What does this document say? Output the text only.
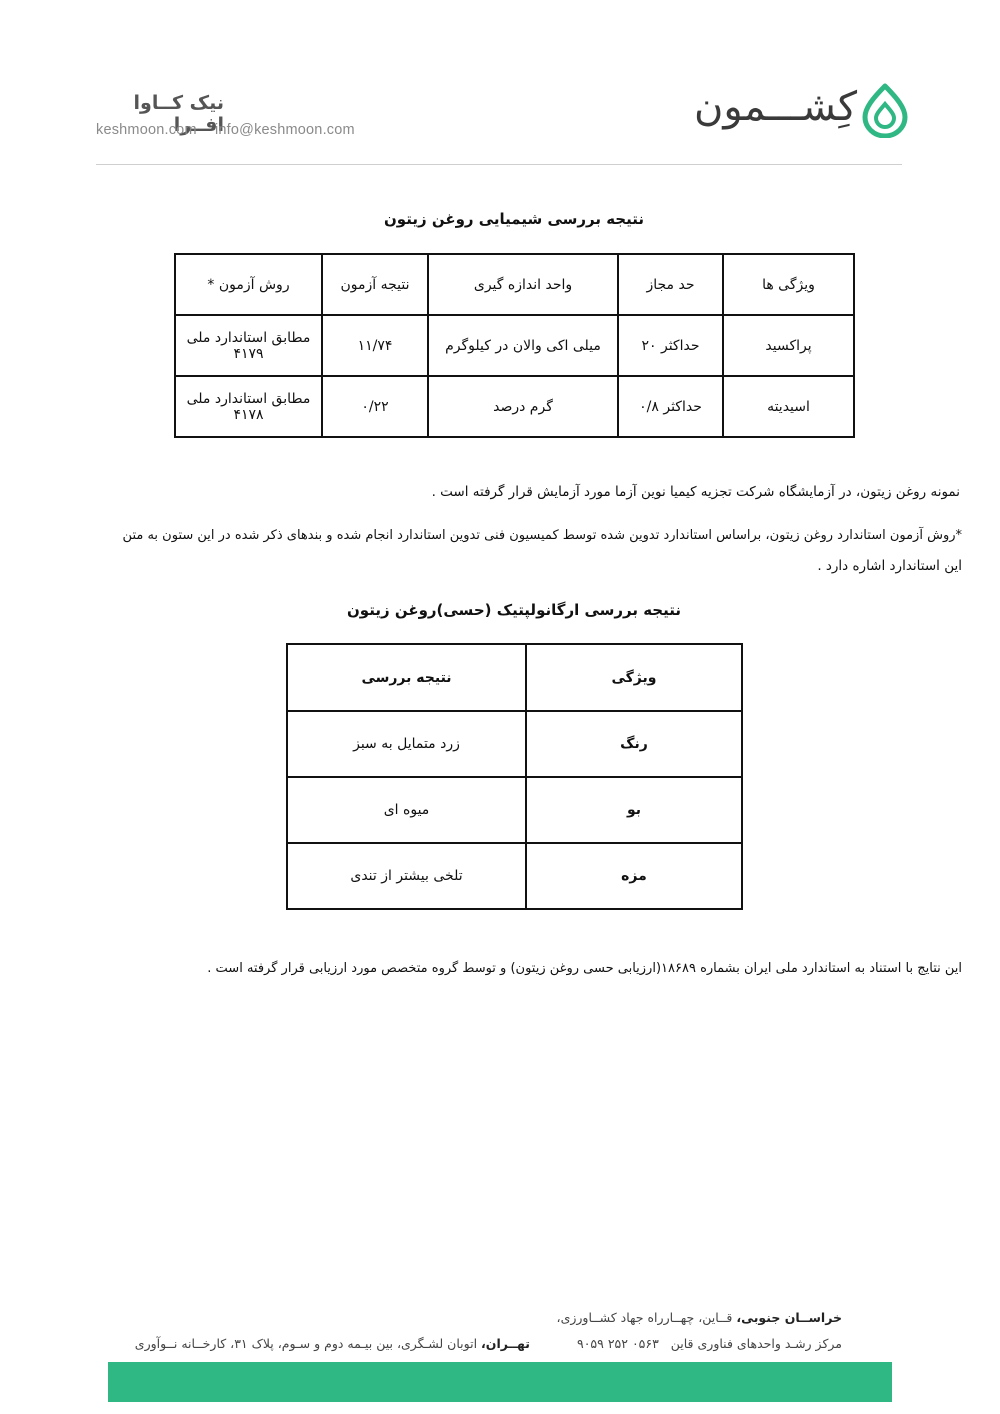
نیک کــاوا افــرا
keshmoon.com info@keshmoon.com	کِشـــمون
نتیجه بررسی شیمیایی روغن زیتون
ویژگی ها	حد مجاز	واحد اندازه گیری	نتیجه آزمون	روش آزمون *
پراکسید	حداکثر ۲۰	میلی اکی والان در کیلوگرم	۱۱/۷۴	مطابق استاندارد ملی ۴۱۷۹
اسیدیته	حداکثر ۰/۸	گرم درصد	۰/۲۲	مطابق استاندارد ملی ۴۱۷۸
نمونه روغن زیتون، در آزمایشگاه شرکت تجزیه کیمیا نوین آزما مورد آزمایش قرار گرفته است .
*روش آزمون استاندارد روغن زیتون، براساس استاندارد تدوین شده توسط کمیسیون فنی تدوین استاندارد انجام شده و بندهای ذکر شده در این ستون به متن
این استاندارد اشاره دارد .
نتیجه بررسی ارگانولپتیک (حسی)روغن زیتون
ویژگی	نتیجه بررسی
رنگ	زرد متمایل به سبز
بو	میوه ای
مزه	تلخی بیشتر از تندی
این نتایج با استناد به استاندارد ملی ایران بشماره ۱۸۶۸۹(ارزیابی حسی روغن زیتون) و توسط گروه متخصص مورد ارزیابی قرار گرفته است .
خراســان جنوبی، قــاین، چهــارراه جهاد کشــاورزی،
مرکز رشـد واحدهای فناوری قاین   ۰۵۶۳ ۲۵۲ ۹۰۵۹
تهــران، اتوبان لشـگری، بین بیـمه دوم و سـوم، پلاک ۳۱، کارخــانه نــوآوری
